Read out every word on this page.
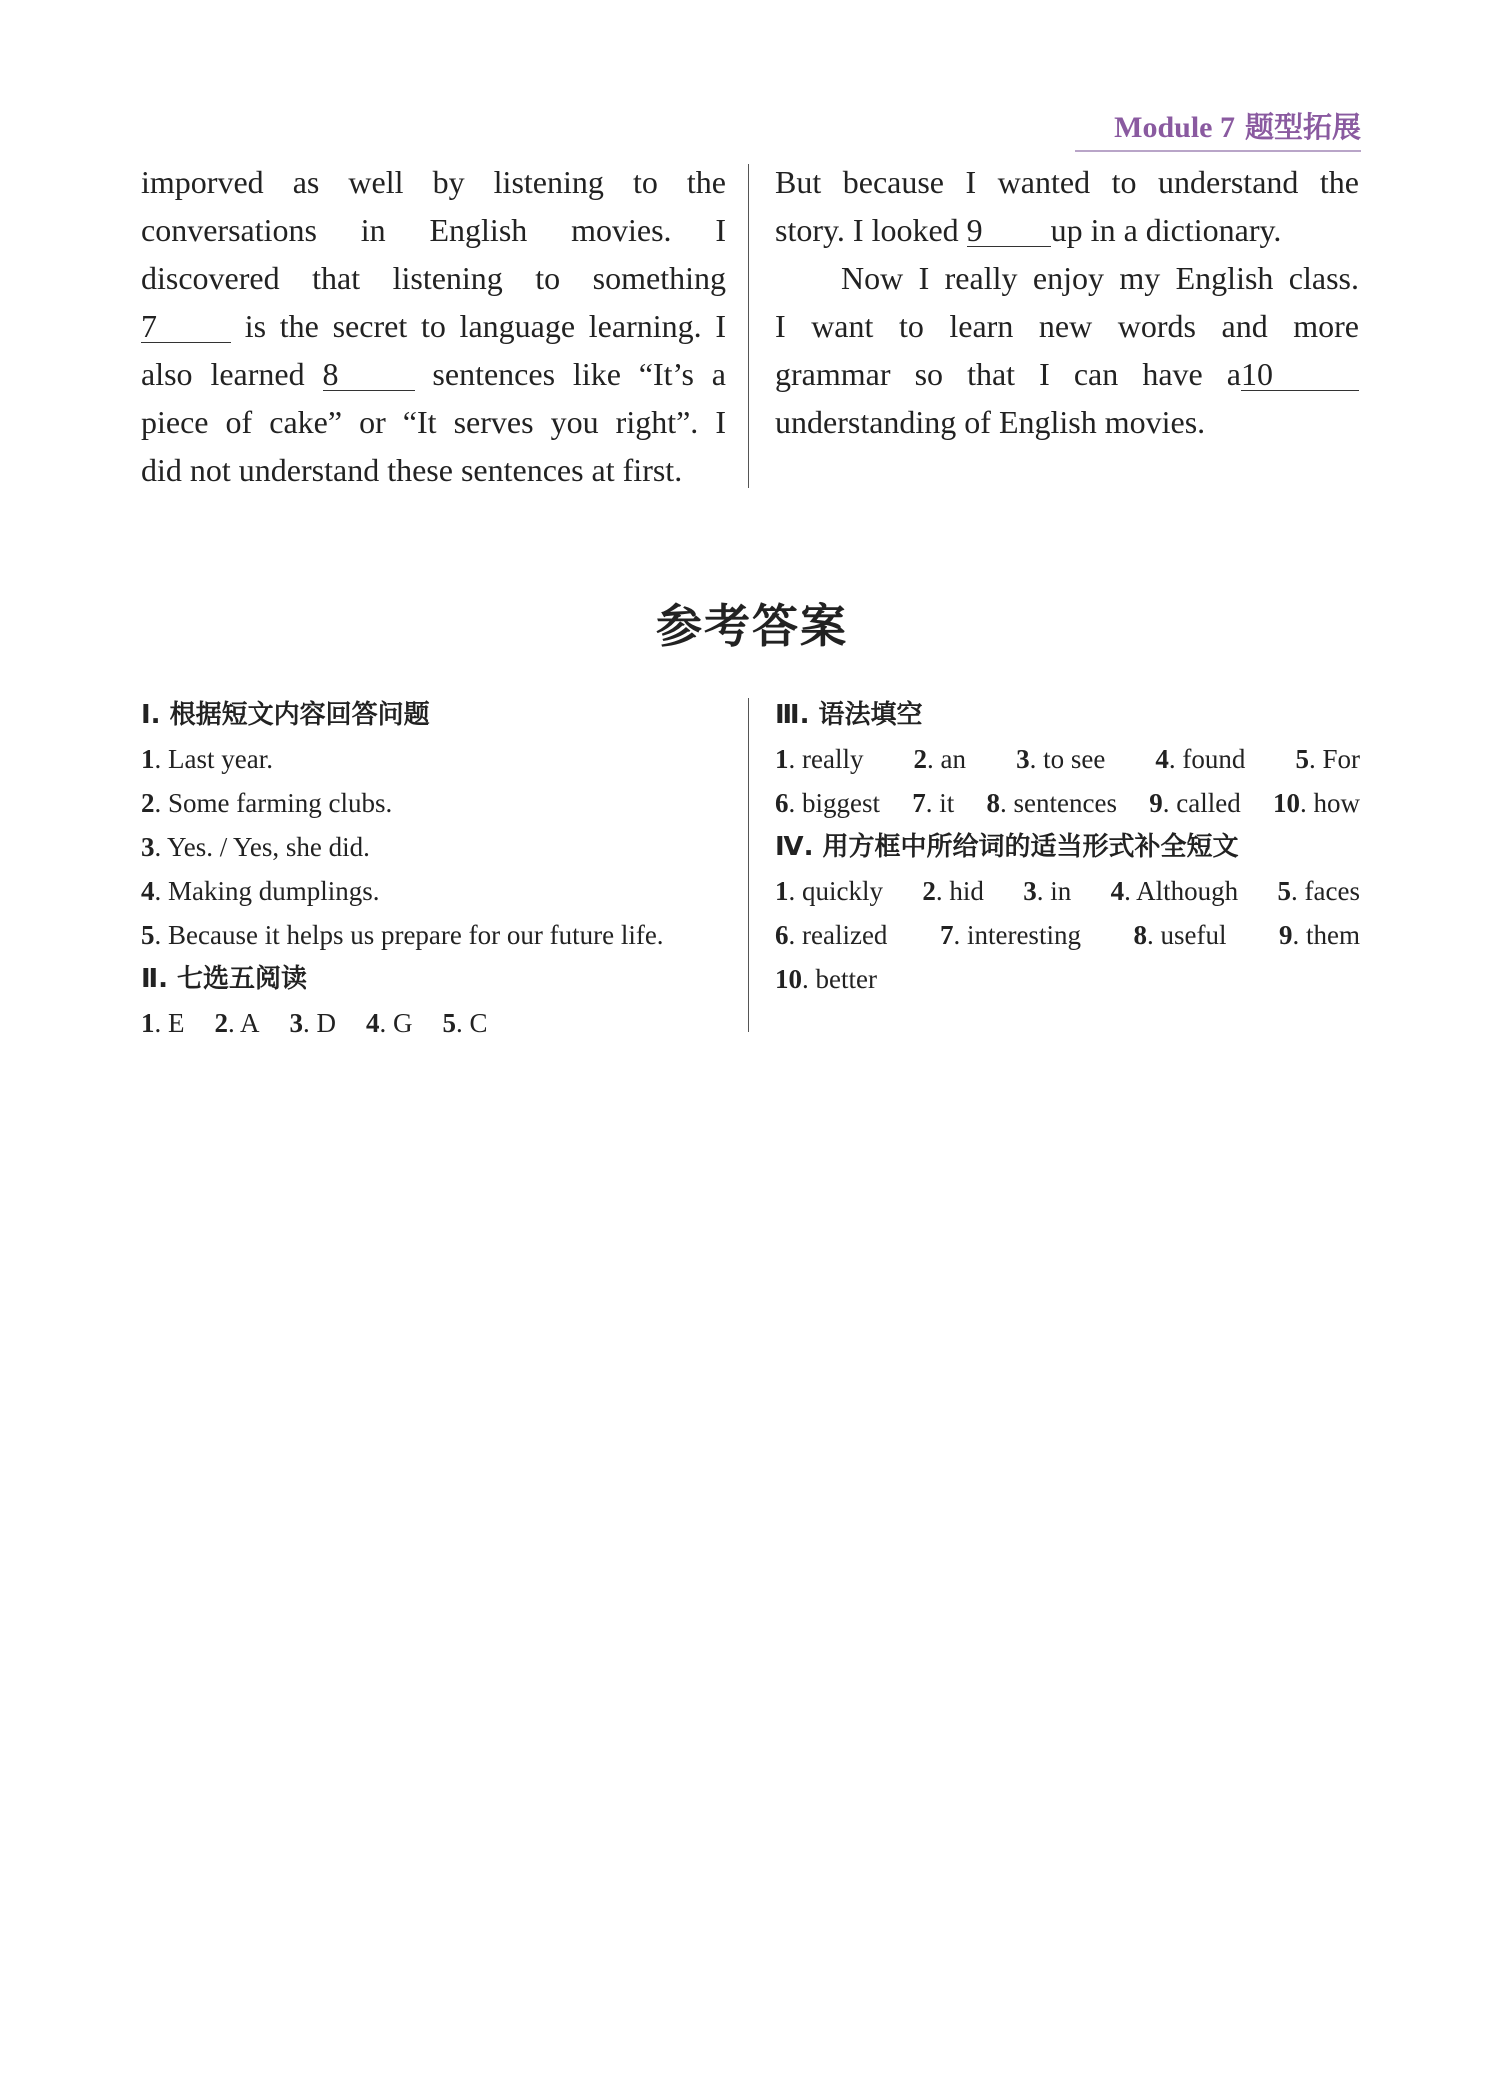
Module 7 题型拓展

imporved as well by listening to the

conversations in English movies. I

discovered that listening to something

7 is the secret to language learning. I

also learned 8 sentences like “It’s a

piece of cake” or “It serves you right”. I

did not understand these sentences at first.

But because I wanted to understand the

story. I looked 9 up in a dictionary.

Now I really enjoy my English class.

I want to learn new words and more

grammar so that I can have a10

understanding of English movies.

参考答案
Ⅰ. 根据短文内容回答问题
1. Last year.
2. Some farming clubs.
3. Yes. / Yes, she did.
4. Making dumplings.
5. Because it helps us prepare for our future life.
Ⅱ. 七选五阅读
1. E 2. A 3. D 4. G 5. C
Ⅲ. 语法填空
1. really 2. an 3. to see 4. found 5. For
6. biggest 7. it 8. sentences 9. called 10. how
Ⅳ. 用方框中所给词的适当形式补全短文
1. quickly 2. hid 3. in 4. Although 5. faces
6. realized 7. interesting 8. useful 9. them
10. better
